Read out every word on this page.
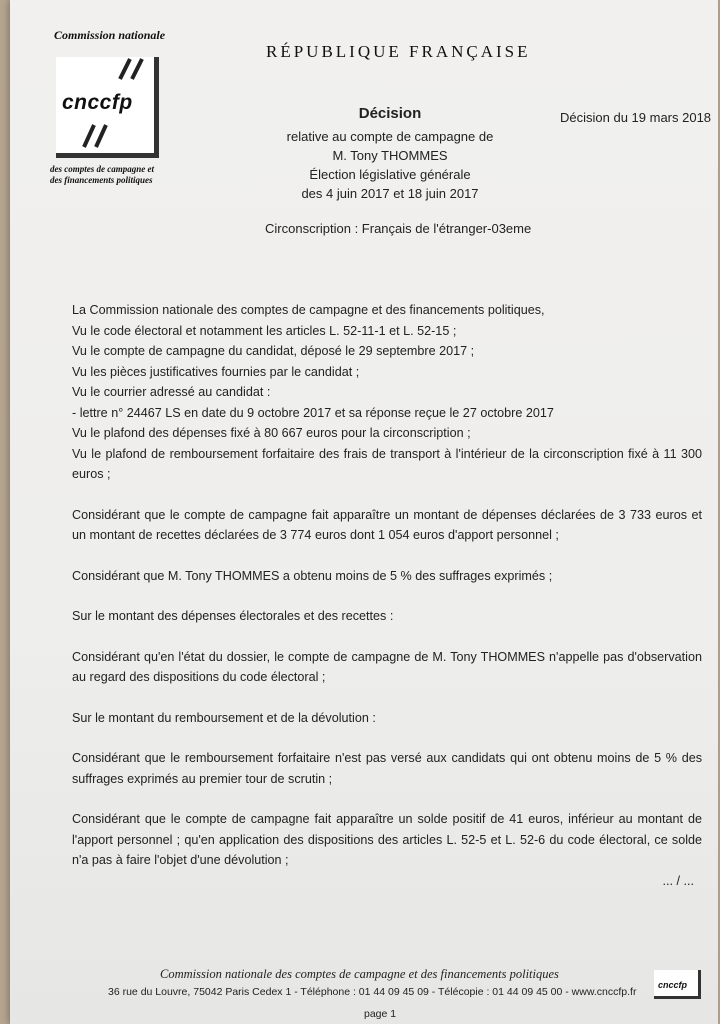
Commission nationale
cnccfp
des comptes de campagne et
des financements politiques
RÉPUBLIQUE FRANÇAISE
Décision du 19 mars 2018
Décision
relative au compte de campagne de
M. Tony THOMMES
Élection législative générale
des 4 juin 2017 et 18 juin 2017
Circonscription : Français de l'étranger-03eme

La Commission nationale des comptes de campagne et des financements politiques,

Vu le code électoral et notamment les articles L. 52-11-1 et L. 52-15 ;

Vu le compte de campagne du candidat, déposé le 29 septembre 2017 ;

Vu les pièces justificatives fournies par le candidat ;

Vu le courrier adressé au candidat :

- lettre n° 24467 LS en date du 9 octobre 2017 et sa réponse reçue le 27 octobre 2017

Vu le plafond des dépenses fixé à 80 667 euros pour la circonscription ;

Vu le plafond de remboursement forfaitaire des frais de transport à l'intérieur de la circonscription fixé à 11 300 euros ;

Considérant que le compte de campagne fait apparaître un montant de dépenses déclarées de 3 733 euros et un montant de recettes déclarées de 3 774 euros dont 1 054 euros d'apport personnel ;

Considérant que M. Tony THOMMES a obtenu moins de 5 % des suffrages exprimés ;

Sur le montant des dépenses électorales et des recettes :

Considérant qu'en l'état du dossier, le compte de campagne de M. Tony THOMMES n'appelle pas d'observation au regard des dispositions du code électoral ;

Sur le montant du remboursement et de la dévolution :

Considérant que le remboursement forfaitaire n'est pas versé aux candidats qui ont obtenu moins de 5 % des suffrages exprimés au premier tour de scrutin ;

Considérant que le compte de campagne fait apparaître un solde positif de 41 euros, inférieur au montant de l'apport personnel ; qu'en application des dispositions des articles L. 52-5 et L. 52-6 du code électoral, ce solde n'a pas à faire l'objet d'une dévolution ;

... / ...

Commission nationale des comptes de campagne et des financements politiques
36 rue du Louvre, 75042 Paris Cedex 1 - Téléphone : 01 44 09 45 09 - Télécopie : 01 44 09 45 00 - www.cnccfp.fr
page 1
cnccfp
